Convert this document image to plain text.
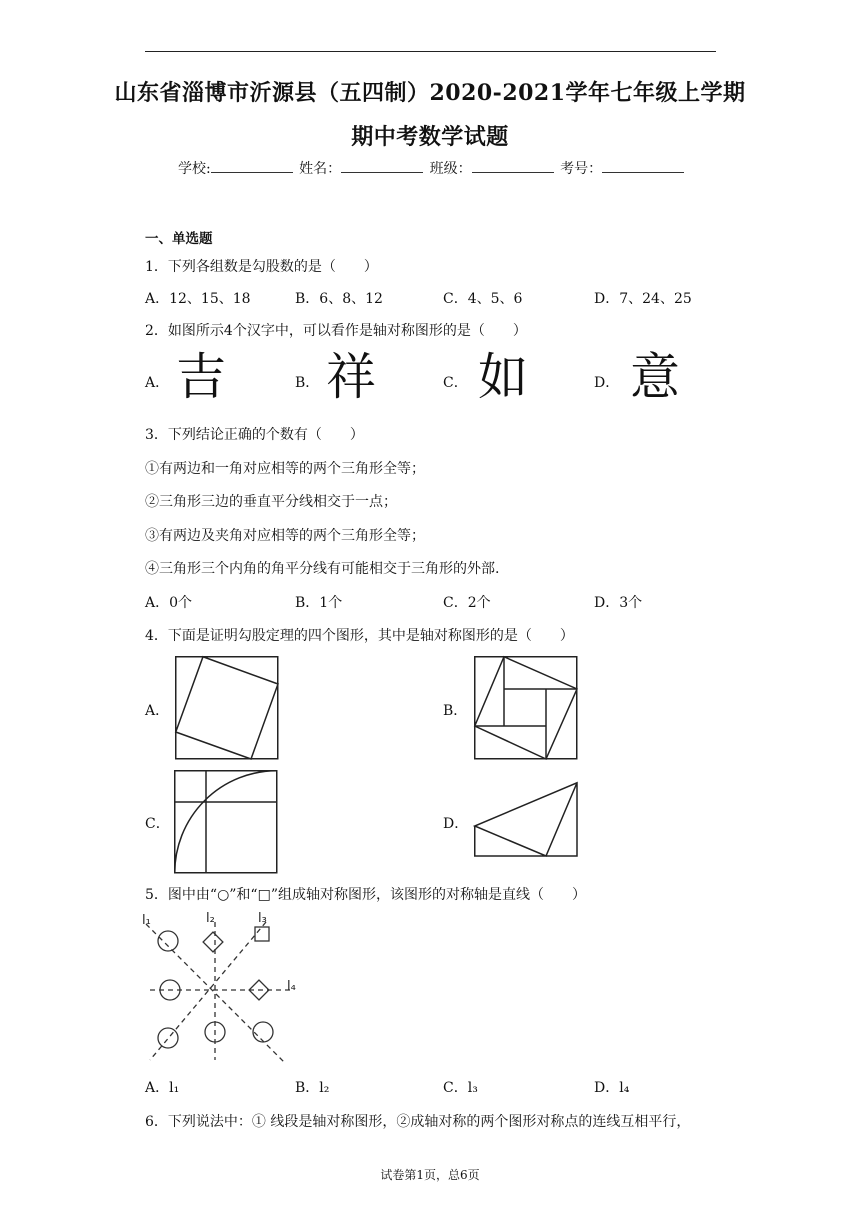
山东省淄博市沂源县（五四制）2020-2021学年七年级上学期
期中考数学试题
学校:	姓名：	班级：	考号：
一、单选题
1．下列各组数是勾股数的是（　　）
A．12、15、18	B．6、8、12	C．4、5、6	D．7、24、25
2．如图所示4个汉字中，可以看作是轴对称图形的是（　　）
A． 吉	B． 祥	C． 如	D． 意
3．下列结论正确的个数有（　　）
①有两边和一角对应相等的两个三角形全等；
②三角形三边的垂直平分线相交于一点；
③有两边及夹角对应相等的两个三角形全等；
④三角形三个内角的角平分线有可能相交于三角形的外部.
A．0个	B．1个	C．2个	D．3个
4．下面是证明勾股定理的四个图形，其中是轴对称图形的是（　　）
A．	B．
C．	D．
5．图中由“○”和“□”组成轴对称图形，该图形的对称轴是直线（　　）
l₁	l₂	l₃
l₄
A．l₁	B．l₂	C．l₃	D．l₄
6．下列说法中：① 线段是轴对称图形，②成轴对称的两个图形对称点的连线互相平行，
试卷第1页，总6页
